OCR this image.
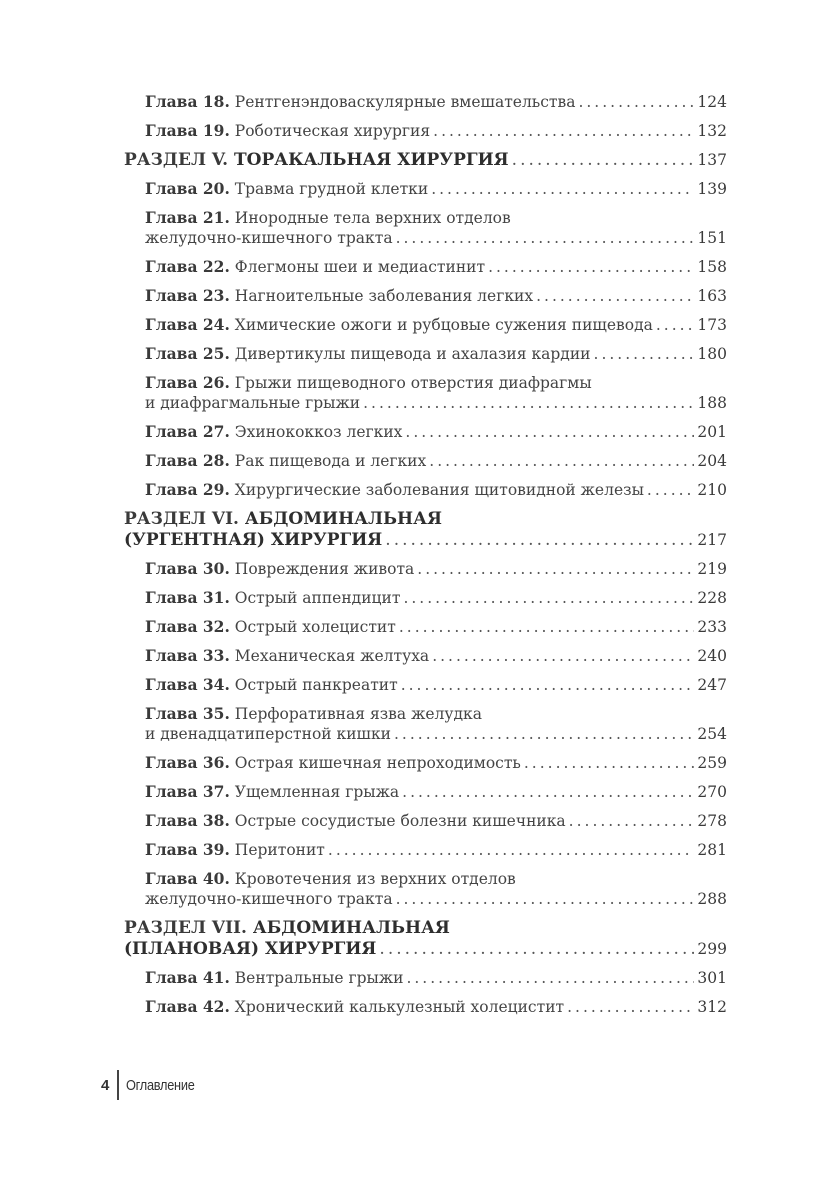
Глава 18. Рентгенэндоваскулярные вмешательства .....	124
Глава 19. Роботическая хирургия .....	132
РАЗДЕЛ V. ТОРАКАЛЬНАЯ ХИРУРГИЯ .....	137
Глава 20. Травма грудной клетки .....	139
Глава 21. Инородные тела верхних отделов
желудочно-кишечного тракта .....	151
Глава 22. Флегмоны шеи и медиастинит .....	158
Глава 23. Нагноительные заболевания легких .....	163
Глава 24. Химические ожоги и рубцовые сужения пищевода .....	173
Глава 25. Дивертикулы пищевода и ахалазия кардии .....	180
Глава 26. Грыжи пищеводного отверстия диафрагмы
и диафрагмальные грыжи .....	188
Глава 27. Эхинококкоз легких .....	201
Глава 28. Рак пищевода и легких .....	204
Глава 29. Хирургические заболевания щитовидной железы .....	210
РАЗДЕЛ VI. АБДОМИНАЛЬНАЯ
(УРГЕНТНАЯ) ХИРУРГИЯ .....	217
Глава 30. Повреждения живота .....	219
Глава 31. Острый аппендицит .....	228
Глава 32. Острый холецистит .....	233
Глава 33. Механическая желтуха .....	240
Глава 34. Острый панкреатит .....	247
Глава 35. Перфоративная язва желудка
и двенадцатиперстной кишки .....	254
Глава 36. Острая кишечная непроходимость .....	259
Глава 37. Ущемленная грыжа .....	270
Глава 38. Острые сосудистые болезни кишечника .....	278
Глава 39. Перитонит .....	281
Глава 40. Кровотечения из верхних отделов
желудочно-кишечного тракта .....	288
РАЗДЕЛ VII. АБДОМИНАЛЬНАЯ
(ПЛАНОВАЯ) ХИРУРГИЯ .....	299
Глава 41. Вентральные грыжи .....	301
Глава 42. Хронический калькулезный холецистит .....	312
4 Оглавление
